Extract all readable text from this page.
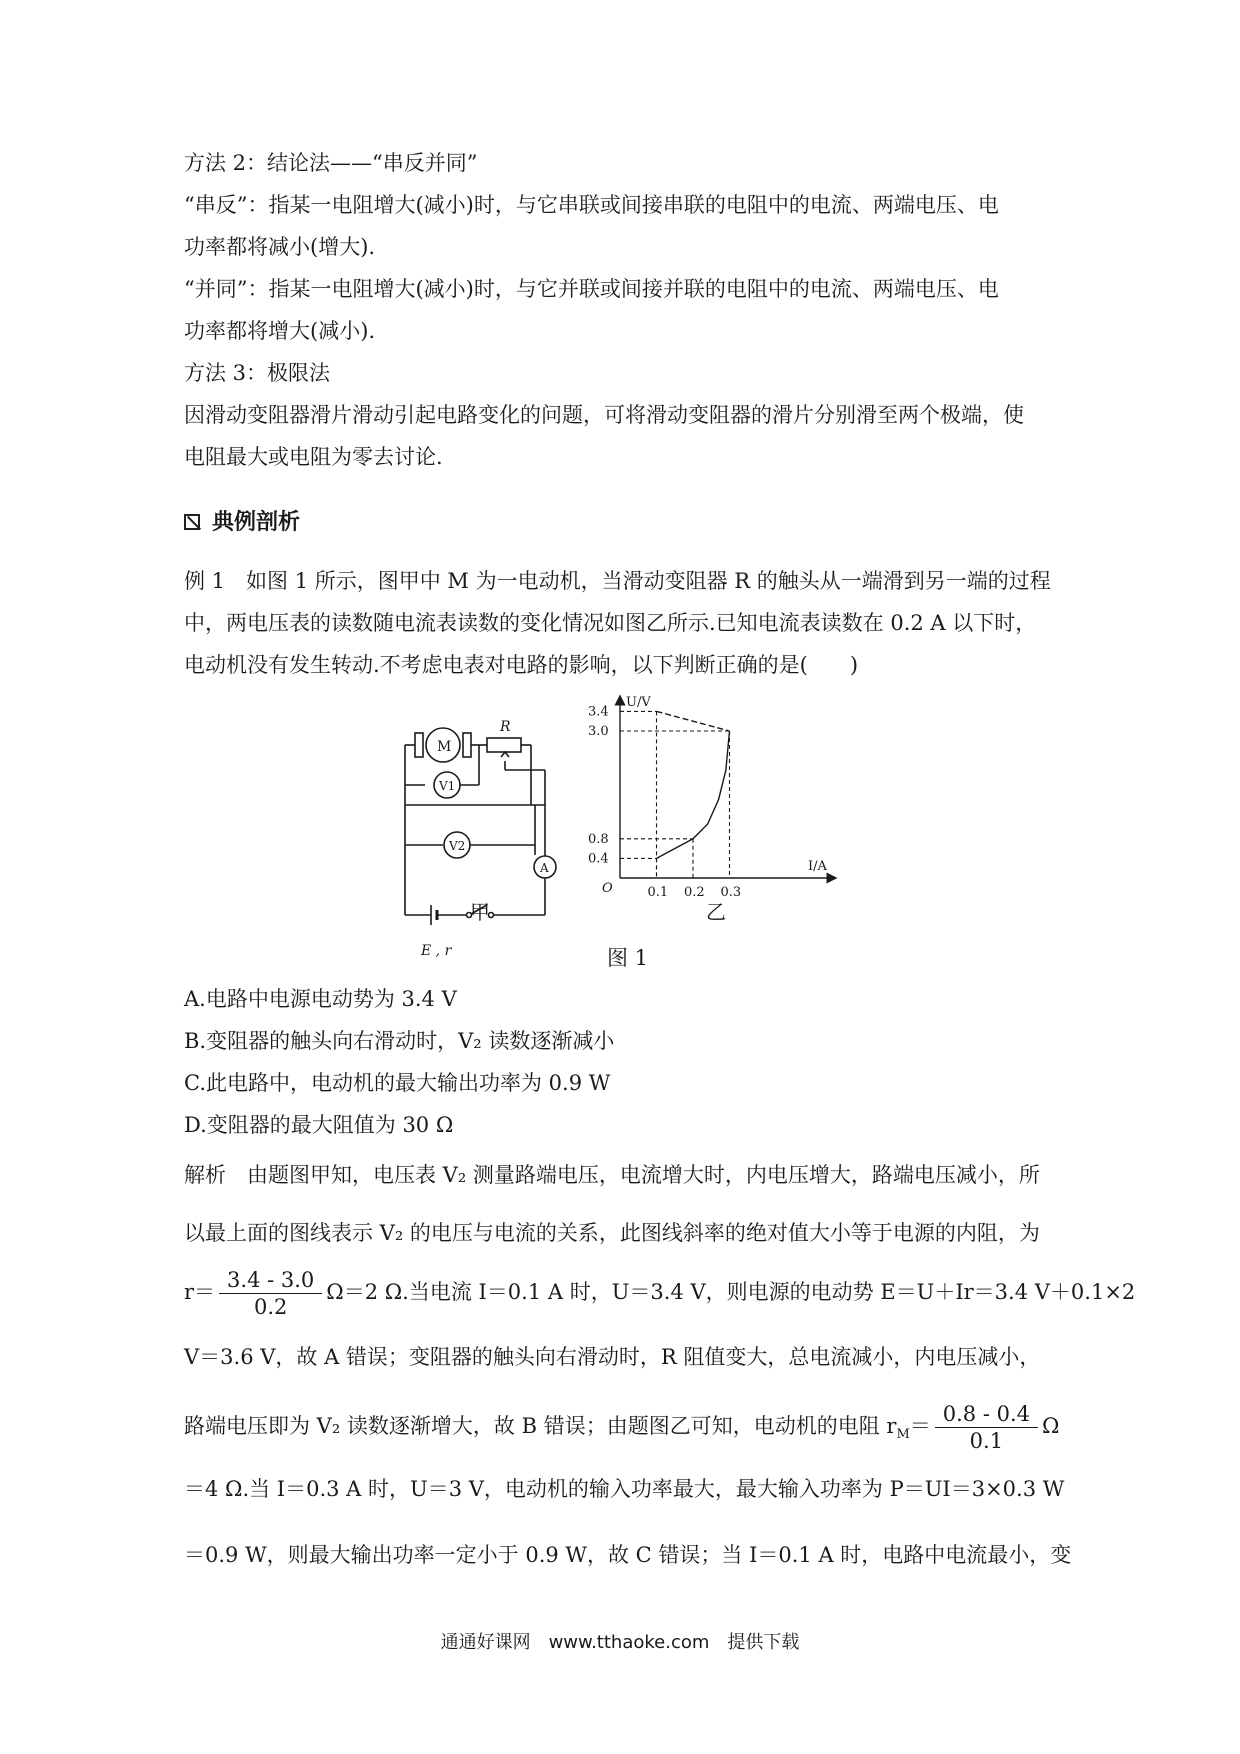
方法 2：结论法——“串反并同”
“串反”：指某一电阻增大(减小)时，与它串联或间接串联的电阻中的电流、两端电压、电
功率都将减小(增大).
“并同”：指某一电阻增大(减小)时，与它并联或间接并联的电阻中的电流、两端电压、电
功率都将增大(减小).
方法 3：极限法
因滑动变阻器滑片滑动引起电路变化的问题，可将滑动变阻器的滑片分别滑至两个极端，使
电阻最大或电阻为零去讨论.
典例剖析
例 1　如图 1 所示，图甲中 M 为一电动机，当滑动变阻器 R 的触头从一端滑到另一端的过程
中，两电压表的读数随电流表读数的变化情况如图乙所示.已知电流表读数在 0.2 A 以下时，
电动机没有发生转动.不考虑电表对电路的影响，以下判断正确的是(　　)
M
R
V1
V2
A
E , r
甲
0.1 0.2 0.3
0.4
0.8
3.0
3.4
O
I/A
U/V
乙
图 1
A.电路中电源电动势为 3.4 V
B.变阻器的触头向右滑动时，V₂ 读数逐渐减小
C.此电路中，电动机的最大输出功率为 0.9 W
D.变阻器的最大阻值为 30 Ω
解析　由题图甲知，电压表 V₂ 测量路端电压，电流增大时，内电压增大，路端电压减小，所
以最上面的图线表示 V₂ 的电压与电流的关系，此图线斜率的绝对值大小等于电源的内阻，为
$r= \frac{3.4 - 3.0}{0.2} \Omega=2$ Ω.当电流 I＝0.1 A 时，U＝3.4 V，则电源的电动势 E＝U＋Ir＝3.4 V＋0.1×2
V＝3.6 V，故 A 错误；变阻器的触头向右滑动时，R 阻值变大，总电流减小，内电压减小，
路端电压即为 V₂ 读数逐渐增大，故 B 错误；由题图乙可知，电动机的电阻 $r_M= \frac{0.8 - 0.4}{0.1}$ Ω
＝4 Ω.当 I＝0.3 A 时，U＝3 V，电动机的输入功率最大，最大输入功率为 P＝UI＝3×0.3 W
＝0.9 W，则最大输出功率一定小于 0.9 W，故 C 错误；当 I＝0.1 A 时，电路中电流最小，变
通通好课网　www.tthaoke.com　提供下载
